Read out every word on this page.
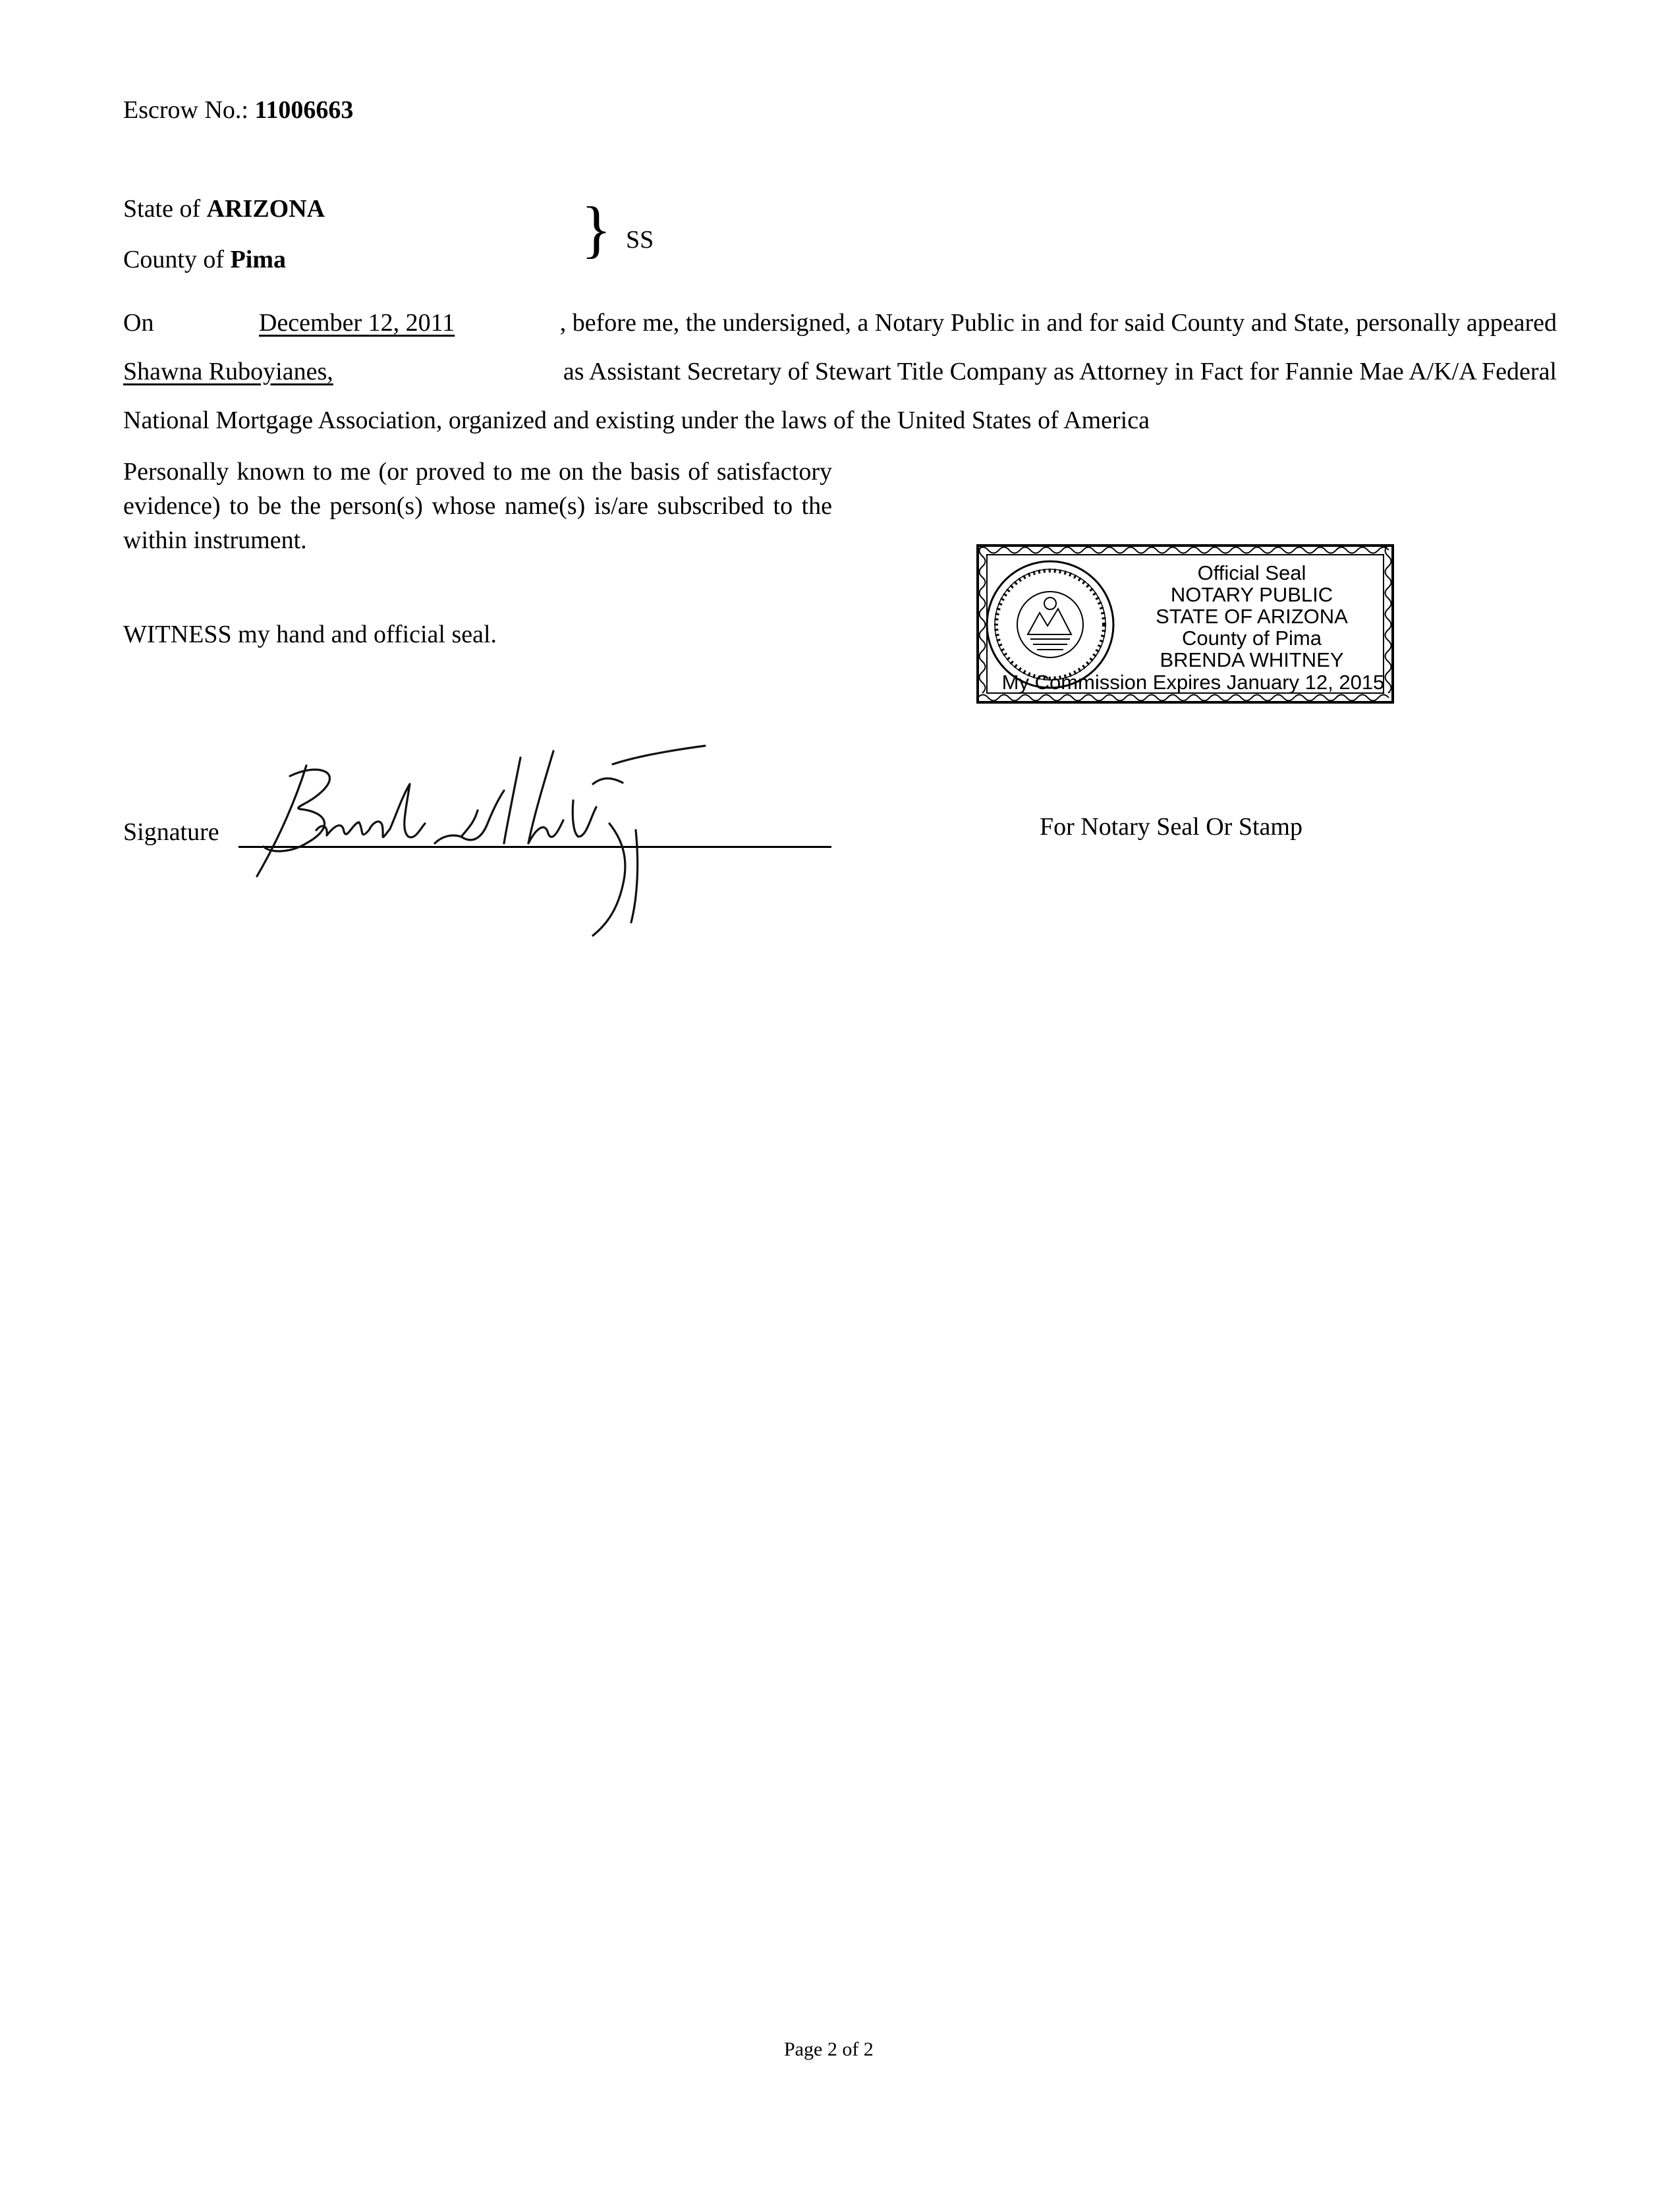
Escrow No.: 11006663
State of ARIZONA
County of Pima	} SS
On	December 12, 2011	, before me, the undersigned, a Notary Public in and for said County and State, personally appeared
Shawna Ruboyianes,	as Assistant Secretary of Stewart Title Company as Attorney in Fact for Fannie Mae A/K/A Federal
National Mortgage Association, organized and existing under the laws of the United States of America
Personally known to me (or proved to me on the basis of satisfactory evidence) to be the person(s) whose name(s) is/are subscribed to the within instrument.
WITNESS my hand and official seal.
Signature
Official Seal
NOTARY PUBLIC
STATE OF ARIZONA
County of Pima
BRENDA WHITNEY
My Commission Expires January 12, 2015
For Notary Seal Or Stamp
Page 2 of 2
